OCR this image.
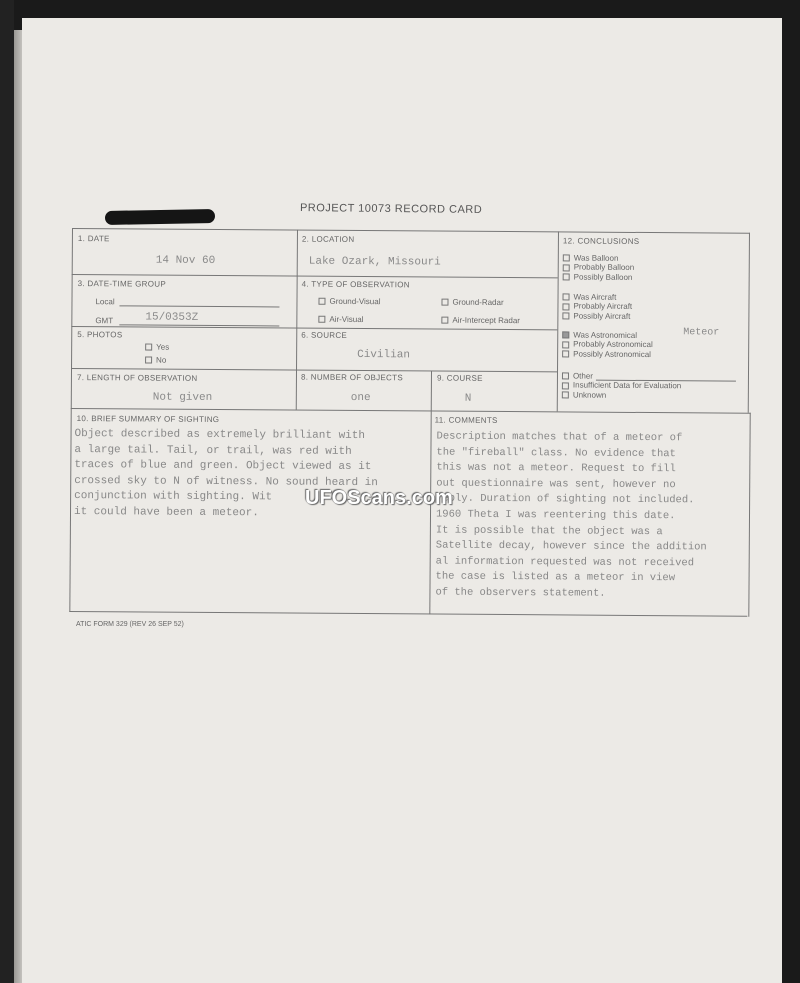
PROJECT 10073 RECORD CARD
1. DATE
14 Nov 60
2. LOCATION
Lake Ozark, Missouri
3. DATE-TIME GROUP
Local
GMT	15/0353Z
4. TYPE OF OBSERVATION
Ground-Visual	Ground-Radar
Air-Visual	Air-Intercept Radar
5. PHOTOS
Yes
No
6. SOURCE
Civilian
7. LENGTH OF OBSERVATION
Not given
8. NUMBER OF OBJECTS
one
9. COURSE
N
12. CONCLUSIONS
Was Balloon
Probably Balloon
Possibly Balloon
Was Aircraft
Probably Aircraft
Possibly Aircraft
Was Astronomical
Probably Astronomical
Possibly Astronomical
Meteor
Other
Insufficient Data for Evaluation
Unknown
10. BRIEF SUMMARY OF SIGHTING
Object described as extremely brilliant with
a large tail. Tail, or trail, was red with
traces of blue and green. Object viewed as it
crossed sky to N of witness. No sound heard in
conjunction with sighting. Wit
it could have been a meteor.
11. COMMENTS
Description matches that of a meteor of
the "fireball" class. No evidence that
this was not a meteor. Request to fill
out questionnaire was sent, however no
reply. Duration of sighting not included.
1960 Theta I was reentering this date.
It is possible that the object was a
Satellite decay, however since the addition
al information requested was not received
the case is listed as a meteor in view
of the observers statement.
UFOScans.com
ATIC FORM 329 (REV 26 SEP 52)
